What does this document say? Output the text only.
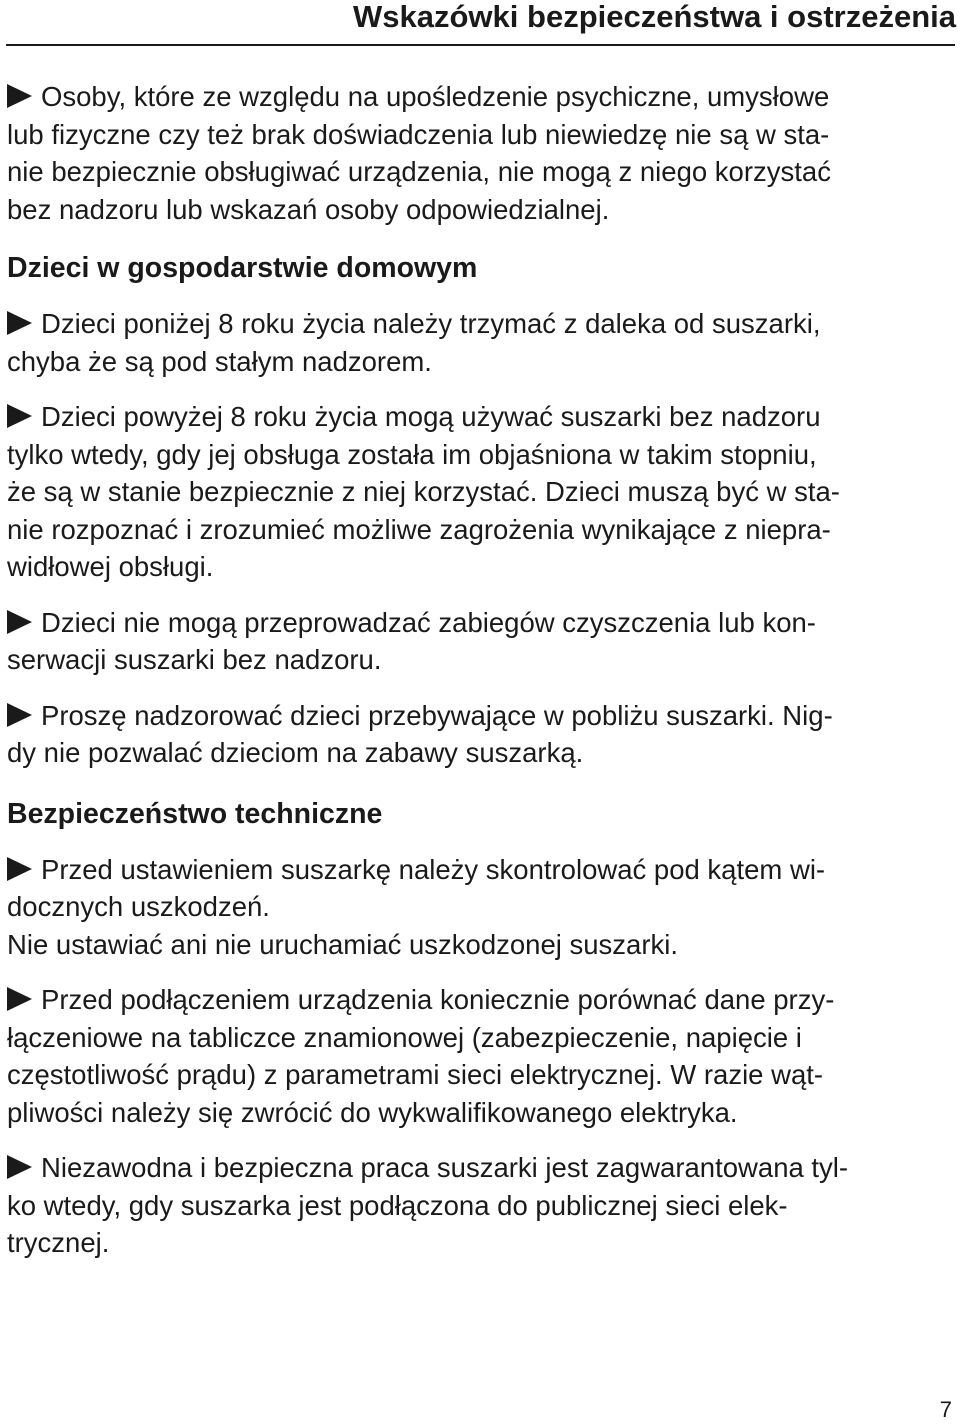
Wskazówki bezpieczeństwa i ostrzeżenia

Osoby, które ze względu na upośledzenie psychiczne, umysłowe
lub fizyczne czy też brak doświadczenia lub niewiedzę nie są w sta-
nie bezpiecznie obsługiwać urządzenia, nie mogą z niego korzystać
bez nadzoru lub wskazań osoby odpowiedzialnej.

Dzieci w gospodarstwie domowym

Dzieci poniżej 8 roku życia należy trzymać z daleka od suszarki,
chyba że są pod stałym nadzorem.

Dzieci powyżej 8 roku życia mogą używać suszarki bez nadzoru
tylko wtedy, gdy jej obsługa została im objaśniona w takim stopniu,
że są w stanie bezpiecznie z niej korzystać. Dzieci muszą być w sta-
nie rozpoznać i zrozumieć możliwe zagrożenia wynikające z niepra-
widłowej obsługi.

Dzieci nie mogą przeprowadzać zabiegów czyszczenia lub kon-
serwacji suszarki bez nadzoru.

Proszę nadzorować dzieci przebywające w pobliżu suszarki. Nig-
dy nie pozwalać dzieciom na zabawy suszarką.

Bezpieczeństwo techniczne

Przed ustawieniem suszarkę należy skontrolować pod kątem wi-
docznych uszkodzeń.
Nie ustawiać ani nie uruchamiać uszkodzonej suszarki.

Przed podłączeniem urządzenia koniecznie porównać dane przy-
łączeniowe na tabliczce znamionowej (zabezpieczenie, napięcie i
częstotliwość prądu) z parametrami sieci elektrycznej. W razie wąt-
pliwości należy się zwrócić do wykwalifikowanego elektryka.

Niezawodna i bezpieczna praca suszarki jest zagwarantowana tyl-
ko wtedy, gdy suszarka jest podłączona do publicznej sieci elek-
trycznej.

7
